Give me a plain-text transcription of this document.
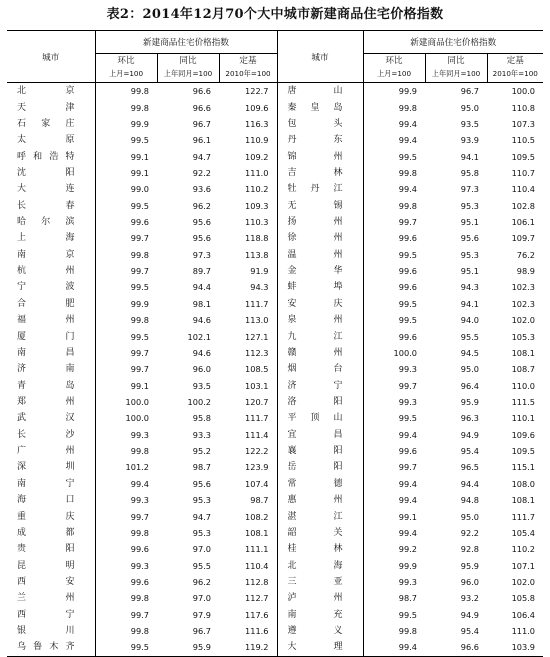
表2：2014年12月70个大中城市新建商品住宅价格指数
城市	新建商品住宅价格指数			城市	新建商品住宅价格指数		
	环比	同比	定基		环比	同比	定基
	上月=100	上年同月=100	2010年=100		上月=100	上年同月=100	2010年=100
北　　京	99.8	96.6	122.7	唐　　山	99.9	96.7	100.0
天　　津	99.8	96.6	109.6	秦 皇 岛	99.8	95.0	110.8
石 家 庄	99.9	96.7	116.3	包　　头	99.4	93.5	107.3
太　　原	99.5	96.1	110.9	丹　　东	99.4	93.9	110.5
呼和浩特	99.1	94.7	109.2	锦　　州	99.5	94.1	109.5
沈　　阳	99.1	92.2	111.0	吉　　林	99.8	95.8	110.7
大　　连	99.0	93.6	110.2	牡 丹 江	99.4	97.3	110.4
长　　春	99.5	96.2	109.3	无　　锡	99.8	95.3	102.8
哈 尔 滨	99.6	95.6	110.3	扬　　州	99.7	95.1	106.1
上　　海	99.7	95.6	118.8	徐　　州	99.6	95.6	109.7
南　　京	99.8	97.3	113.8	温　　州	99.5	95.3	76.2
杭　　州	99.7	89.7	91.9	金　　华	99.6	95.1	98.9
宁　　波	99.5	94.4	94.3	蚌　　埠	99.6	94.3	102.3
合　　肥	99.9	98.1	111.7	安　　庆	99.5	94.1	102.3
福　　州	99.8	94.6	113.0	泉　　州	99.5	94.0	102.0
厦　　门	99.5	102.1	127.1	九　　江	99.6	95.5	105.3
南　　昌	99.7	94.6	112.3	赣　　州	100.0	94.5	108.1
济　　南	99.7	96.0	108.5	烟　　台	99.3	95.0	108.7
青　　岛	99.1	93.5	103.1	济　　宁	99.7	96.4	110.0
郑　　州	100.0	100.2	120.7	洛　　阳	99.3	95.9	111.5
武　　汉	100.0	95.8	111.7	平 顶 山	99.5	96.3	110.1
长　　沙	99.3	93.3	111.4	宜　　昌	99.4	94.9	109.6
广　　州	99.8	95.2	122.2	襄　　阳	99.6	95.4	109.5
深　　圳	101.2	98.7	123.9	岳　　阳	99.7	96.5	115.1
南　　宁	99.4	95.6	107.4	常　　德	99.4	94.4	108.0
海　　口	99.3	95.3	98.7	惠　　州	99.4	94.8	108.1
重　　庆	99.7	94.7	108.2	湛　　江	99.1	95.0	111.7
成　　都	99.8	95.3	108.1	韶　　关	99.4	92.2	105.4
贵　　阳	99.6	97.0	111.1	桂　　林	99.2	92.8	110.2
昆　　明	99.3	95.5	110.4	北　　海	99.9	95.9	107.1
西　　安	99.6	96.2	112.8	三　　亚	99.3	96.0	102.0
兰　　州	99.8	97.0	112.7	泸　　州	98.7	93.2	105.8
西　　宁	99.7	97.9	117.6	南　　充	99.5	94.9	106.4
银　　川	99.8	96.7	111.6	遵　　义	99.8	95.4	111.0
乌鲁木齐	99.5	95.9	119.2	大　　理	99.4	96.6	103.9
